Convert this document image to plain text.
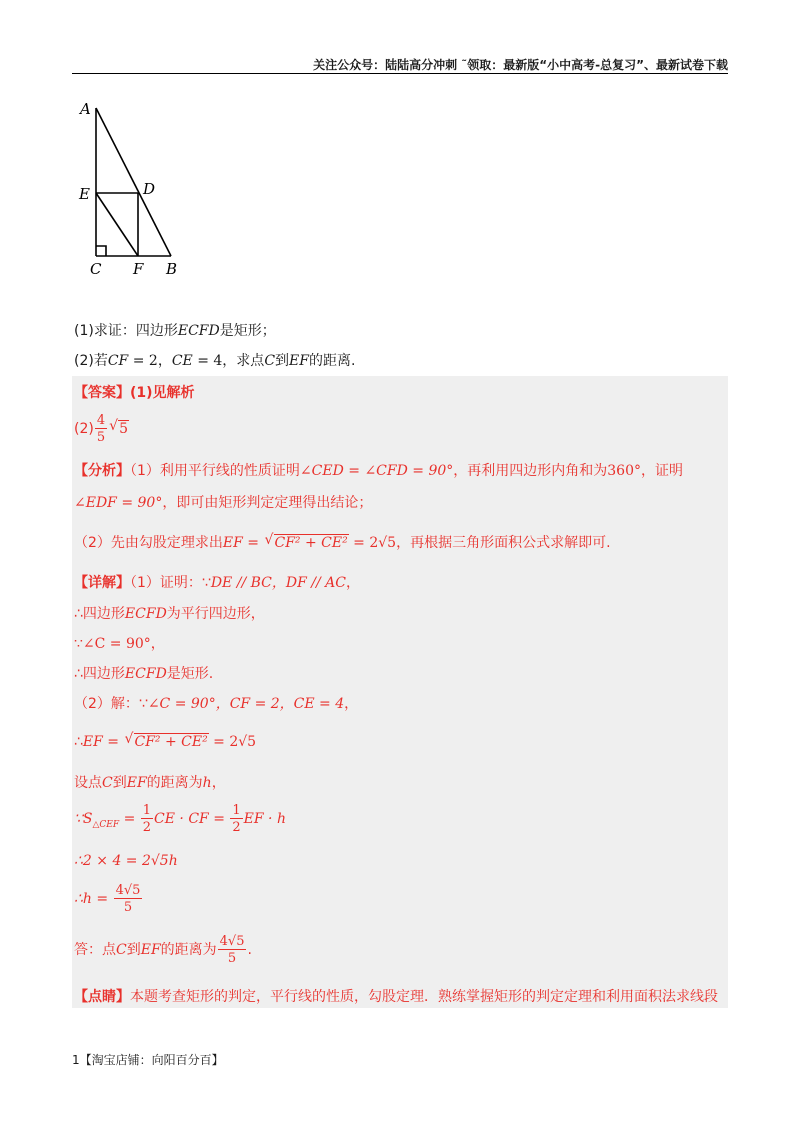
关注公众号：陆陆高分冲刺 ˜领取：最新版“小中高考-总复习”、最新试卷下载
A
E	D
C F B
(1)求证：四边形ECFD是矩形；
(2)若CF = 2，CE = 4，求点C到EF的距离.
【答案】(1)见解析
$(2) \frac{4}{5}$
√ 5
【分析】（1）利用平行线的性质证明∠CED = ∠CFD = 90°，再利用四边形内角和为360°，证明
∠EDF = 90°，即可由矩形判定定理得出结论；
（2）先由勾股定理求出EF = √ CF² + CE² = 2√5，再根据三角形面积公式求解即可.
【详解】（1）证明：∵DE // BC，DF // AC，
∴四边形ECFD为平行四边形，
∵∠C = 90°，
∴四边形ECFD是矩形.
（2）解：∵∠C = 90°，CF = 2，CE = 4，
∴EF = √ CF² + CE² = 2√5
设点C到EF的距离为h，
$\because S_{\triangle CEF} = \frac{1}{2}$ CE · CF = $\frac{1}{2}$ EF · h
∴2 × 4 = 2√5h
∴h = $\frac{4√5}{5}$
答：点C到EF的距离为 $\frac{4√5}{5}$ .
【点睛】本题考查矩形的判定，平行线的性质，勾股定理．熟练掌握矩形的判定定理和利用面积法求线段
1【淘宝店铺：向阳百分百】
